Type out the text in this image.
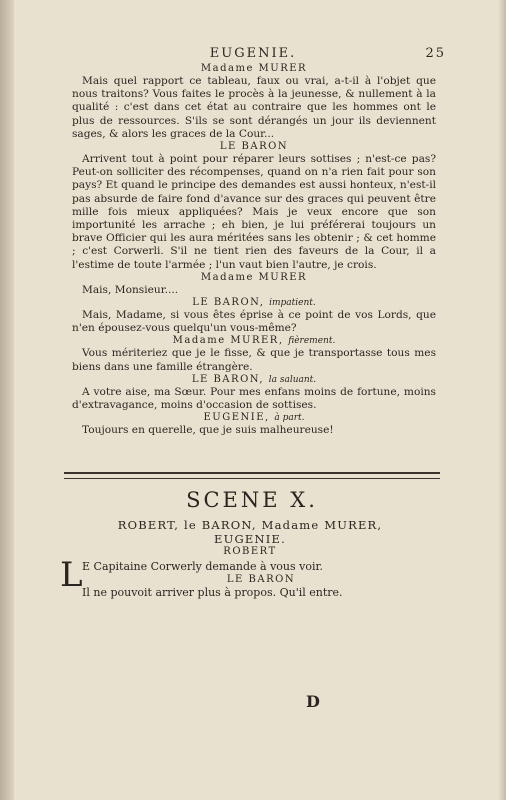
EUGENIE.	25

Madame MURER

Mais quel rapport ce tableau, faux ou vrai, a-t-il à l'objet que nous traitons? Vous faites le procès à la jeunesse, & nullement à la qualité : c'est dans cet état au contraire que les hommes ont le plus de ressources. S'ils se sont dérangés un jour ils deviennent sages, & alors les graces de la Cour...

LE BARON

Arrivent tout à point pour réparer leurs sottises ; n'est-ce pas? Peut-on solliciter des récompenses, quand on n'a rien fait pour son pays? Et quand le principe des demandes est aussi honteux, n'est-il pas absurde de faire fond d'avance sur des graces qui peuvent être mille fois mieux appliquées? Mais je veux encore que son importunité les arrache ; eh bien, je lui préférerai toujours un brave Officier qui les aura méritées sans les obtenir ; & cet homme ; c'est Corwerli. S'il ne tient rien des faveurs de la Cour, il a l'estime de toute l'armée ; l'un vaut bien l'autre, je crois.

Madame MURER

Mais, Monsieur....

LE BARON, impatient.

Mais, Madame, si vous êtes éprise à ce point de vos Lords, que n'en épousez-vous quelqu'un vous-même?

Madame MURER, fièrement.

Vous mériteriez que je le fisse, & que je transportasse tous mes biens dans une famille étrangère.

LE BARON, la saluant.

A votre aise, ma Sœur. Pour mes enfans moins de fortune, moins d'extravagance, moins d'occasion de sottises.

EUGENIE, à part.

Toujours en querelle, que je suis malheureuse!

SCENE X.

ROBERT, le BARON, Madame MURER,

EUGENIE.

ROBERT

L E Capitaine Corwerly demande à vous voir.

LE BARON

Il ne pouvoit arriver plus à propos. Qu'il entre.

D
